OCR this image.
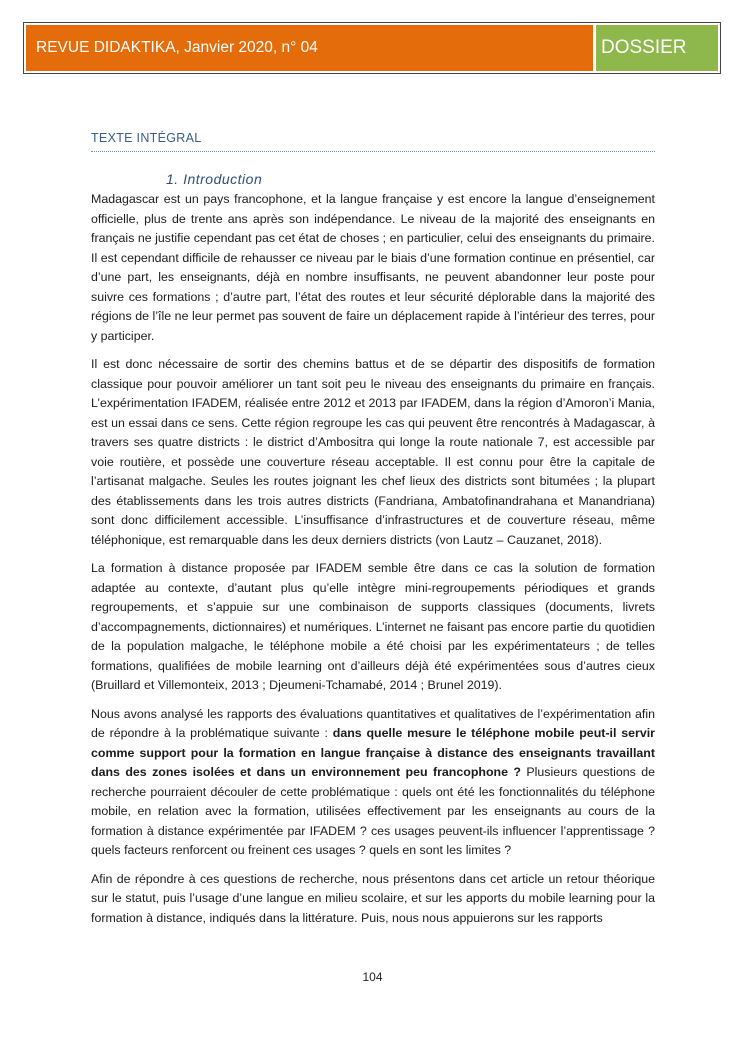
REVUE DIDAKTIKA, Janvier 2020, n° 04	DOSSIER
TEXTE INTÉGRAL
1. Introduction

Madagascar est un pays francophone, et la langue française y est encore la langue d’enseignement officielle, plus de trente ans après son indépendance. Le niveau de la majorité des enseignants en français ne justifie cependant pas cet état de choses ; en particulier, celui des enseignants du primaire. Il est cependant difficile de rehausser ce niveau par le biais d’une formation continue en présentiel, car d’une part, les enseignants, déjà en nombre insuffisants, ne peuvent abandonner leur poste pour suivre ces formations ; d’autre part, l’état des routes et leur sécurité déplorable dans la majorité des régions de l’île ne leur permet pas souvent de faire un déplacement rapide à l’intérieur des terres, pour y participer.

Il est donc nécessaire de sortir des chemins battus et de se départir des dispositifs de formation classique pour pouvoir améliorer un tant soit peu le niveau des enseignants du primaire en français. L’expérimentation IFADEM, réalisée entre 2012 et 2013 par IFADEM, dans la région d’Amoron’i Mania, est un essai dans ce sens. Cette région regroupe les cas qui peuvent être rencontrés à Madagascar, à travers ses quatre districts : le district d’Ambositra qui longe la route nationale 7, est accessible par voie routière, et possède une couverture réseau acceptable. Il est connu pour être la capitale de l’artisanat malgache. Seules les routes joignant les chef lieux des districts sont bitumées ; la plupart des établissements dans les trois autres districts (Fandriana, Ambatofinandrahana et Manandriana) sont donc difficilement accessible. L’insuffisance d’infrastructures et de couverture réseau, même téléphonique, est remarquable dans les deux derniers districts (von Lautz – Cauzanet, 2018).

La formation à distance proposée par IFADEM semble être dans ce cas la solution de formation adaptée au contexte, d’autant plus qu’elle intègre mini-regroupements périodiques et grands regroupements, et s’appuie sur une combinaison de supports classiques (documents, livrets d’accompagnements, dictionnaires) et numériques. L’internet ne faisant pas encore partie du quotidien de la population malgache, le téléphone mobile a été choisi par les expérimentateurs ; de telles formations, qualifiées de mobile learning ont d’ailleurs déjà été expérimentées sous d’autres cieux (Bruillard et Villemonteix, 2013 ; Djeumeni-Tchamabé, 2014 ; Brunel 2019).

Nous avons analysé les rapports des évaluations quantitatives et qualitatives de l’expérimentation afin de répondre à la problématique suivante : dans quelle mesure le téléphone mobile peut-il servir comme support pour la formation en langue française à distance des enseignants travaillant dans des zones isolées et dans un environnement peu francophone ? Plusieurs questions de recherche pourraient découler de cette problématique : quels ont été les fonctionnalités du téléphone mobile, en relation avec la formation, utilisées effectivement par les enseignants au cours de la formation à distance expérimentée par IFADEM ? ces usages peuvent-ils influencer l’apprentissage ? quels facteurs renforcent ou freinent ces usages ? quels en sont les limites ?

Afin de répondre à ces questions de recherche, nous présentons dans cet article un retour théorique sur le statut, puis l’usage d’une langue en milieu scolaire, et sur les apports du mobile learning pour la formation à distance, indiqués dans la littérature. Puis, nous nous appuierons sur les rapports

104
